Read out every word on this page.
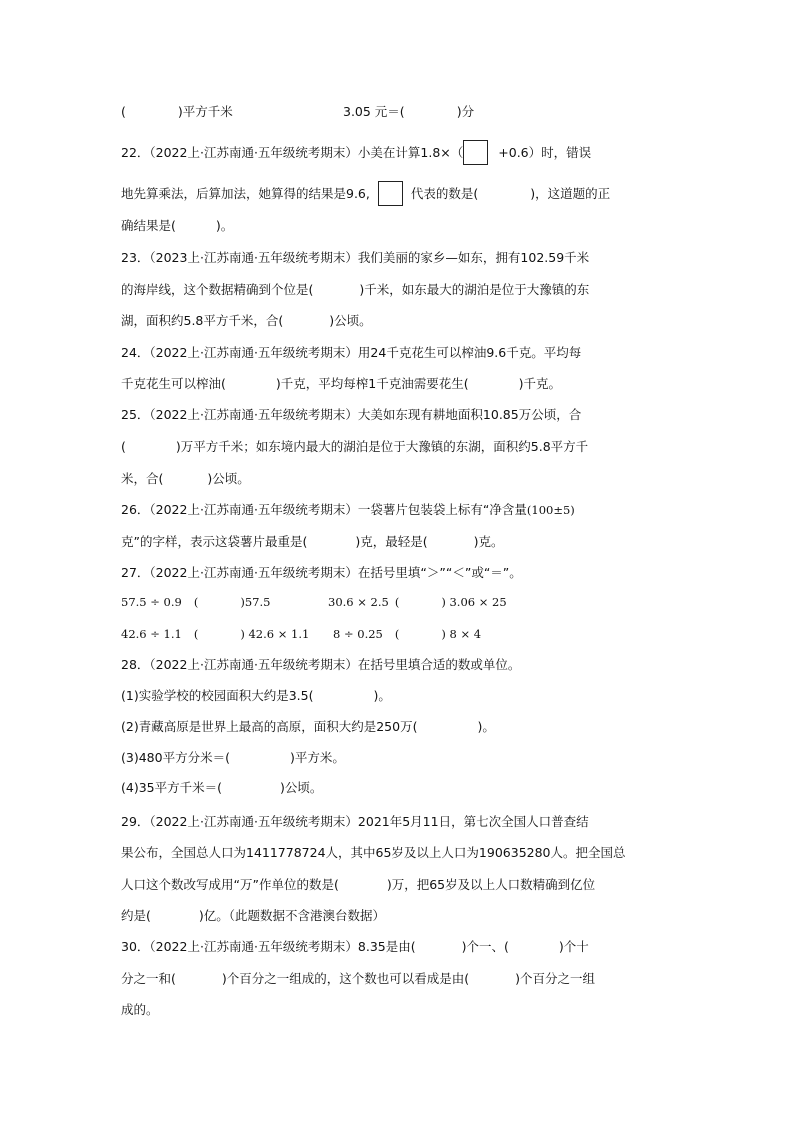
(	)平方千米	3.05 元＝(	)分
22．（2022上·江苏南通·五年级统考期末）小美在计算1.8×（	+0.6）时，错误
地先算乘法，后算加法，她算得的结果是9.6,	代表的数是(	)，这道题的正
确结果是(	)。
23．（2023上·江苏南通·五年级统考期末）我们美丽的家乡—如东，拥有102.59千米
的海岸线，这个数据精确到个位是(	)千米，如东最大的湖泊是位于大豫镇的东
湖，面积约5.8平方千米，合(	)公顷。
24．（2022上·江苏南通·五年级统考期末）用24千克花生可以榨油9.6千克。平均每
千克花生可以榨油(	)千克，平均每榨1千克油需要花生(	)千克。
25．（2022上·江苏南通·五年级统考期末）大美如东现有耕地面积10.85万公顷，合
(	)万平方千米；如东境内最大的湖泊是位于大豫镇的东湖，面积约5.8平方千
米，合(	)公顷。
26．（2022上·江苏南通·五年级统考期末）一袋薯片包装袋上标有“净含量(100±5)
克”的字样，表示这袋薯片最重是(	)克，最轻是(	)克。
27．（2022上·江苏南通·五年级统考期末）在括号里填“＞”“＜”或“＝”。
57.5 ÷ 0.9 (	)57.5	30.6 × 2.5 (	) 3.06 × 25
42.6 ÷ 1.1 (	) 42.6 × 1.1 8 ÷ 0.25 (	) 8 × 4
28．（2022上·江苏南通·五年级统考期末）在括号里填合适的数或单位。
(1)实验学校的校园面积大约是3.5(	)。
(2)青藏高原是世界上最高的高原，面积大约是250万(	)。
(3)480平方分米＝(	)平方米。
(4)35平方千米＝(	)公顷。
29．（2022上·江苏南通·五年级统考期末）2021年5月11日，第七次全国人口普查结
果公布，全国总人口为1411778724人，其中65岁及以上人口为190635280人。把全国总
人口这个数改写成用“万”作单位的数是(	)万，把65岁及以上人口数精确到亿位
约是(	)亿。（此题数据不含港澳台数据）
30．（2022上·江苏南通·五年级统考期末）8.35是由(	)个一、(	)个十
分之一和(	)个百分之一组成的，这个数也可以看成是由(	)个百分之一组
成的。
